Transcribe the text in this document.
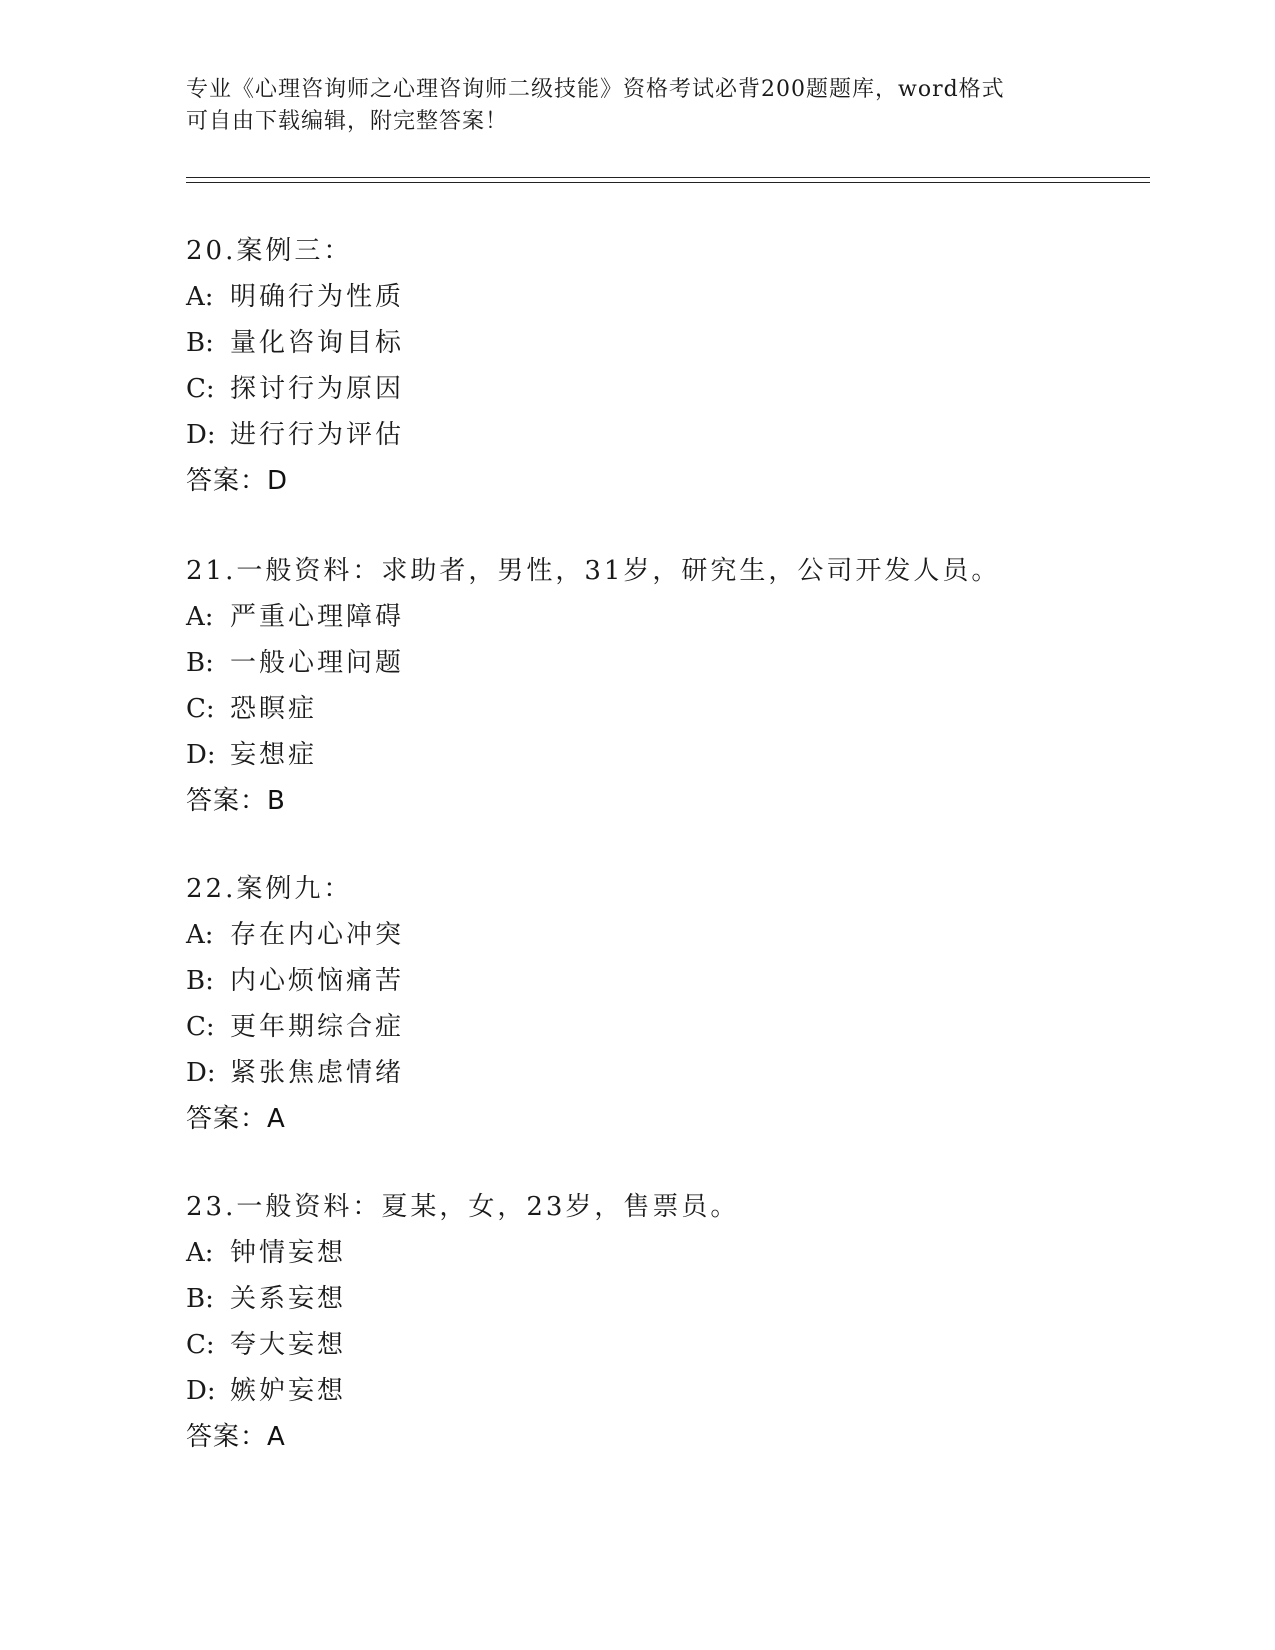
专业《心理咨询师之心理咨询师二级技能》资格考试必背200题题库，word格式
可自由下载编辑，附完整答案！
20.案例三：
A: 明确行为性质
B: 量化咨询目标
C: 探讨行为原因
D: 进行行为评估
答案：D
21.一般资料：求助者，男性，31岁，研究生，公司开发人员。
A: 严重心理障碍
B: 一般心理问题
C: 恐瞑症
D: 妄想症
答案：B
22.案例九：
A: 存在内心冲突
B: 内心烦恼痛苦
C: 更年期综合症
D: 紧张焦虑情绪
答案：A
23.一般资料：夏某，女，23岁，售票员。
A: 钟情妄想
B: 关系妄想
C: 夸大妄想
D: 嫉妒妄想
答案：A
